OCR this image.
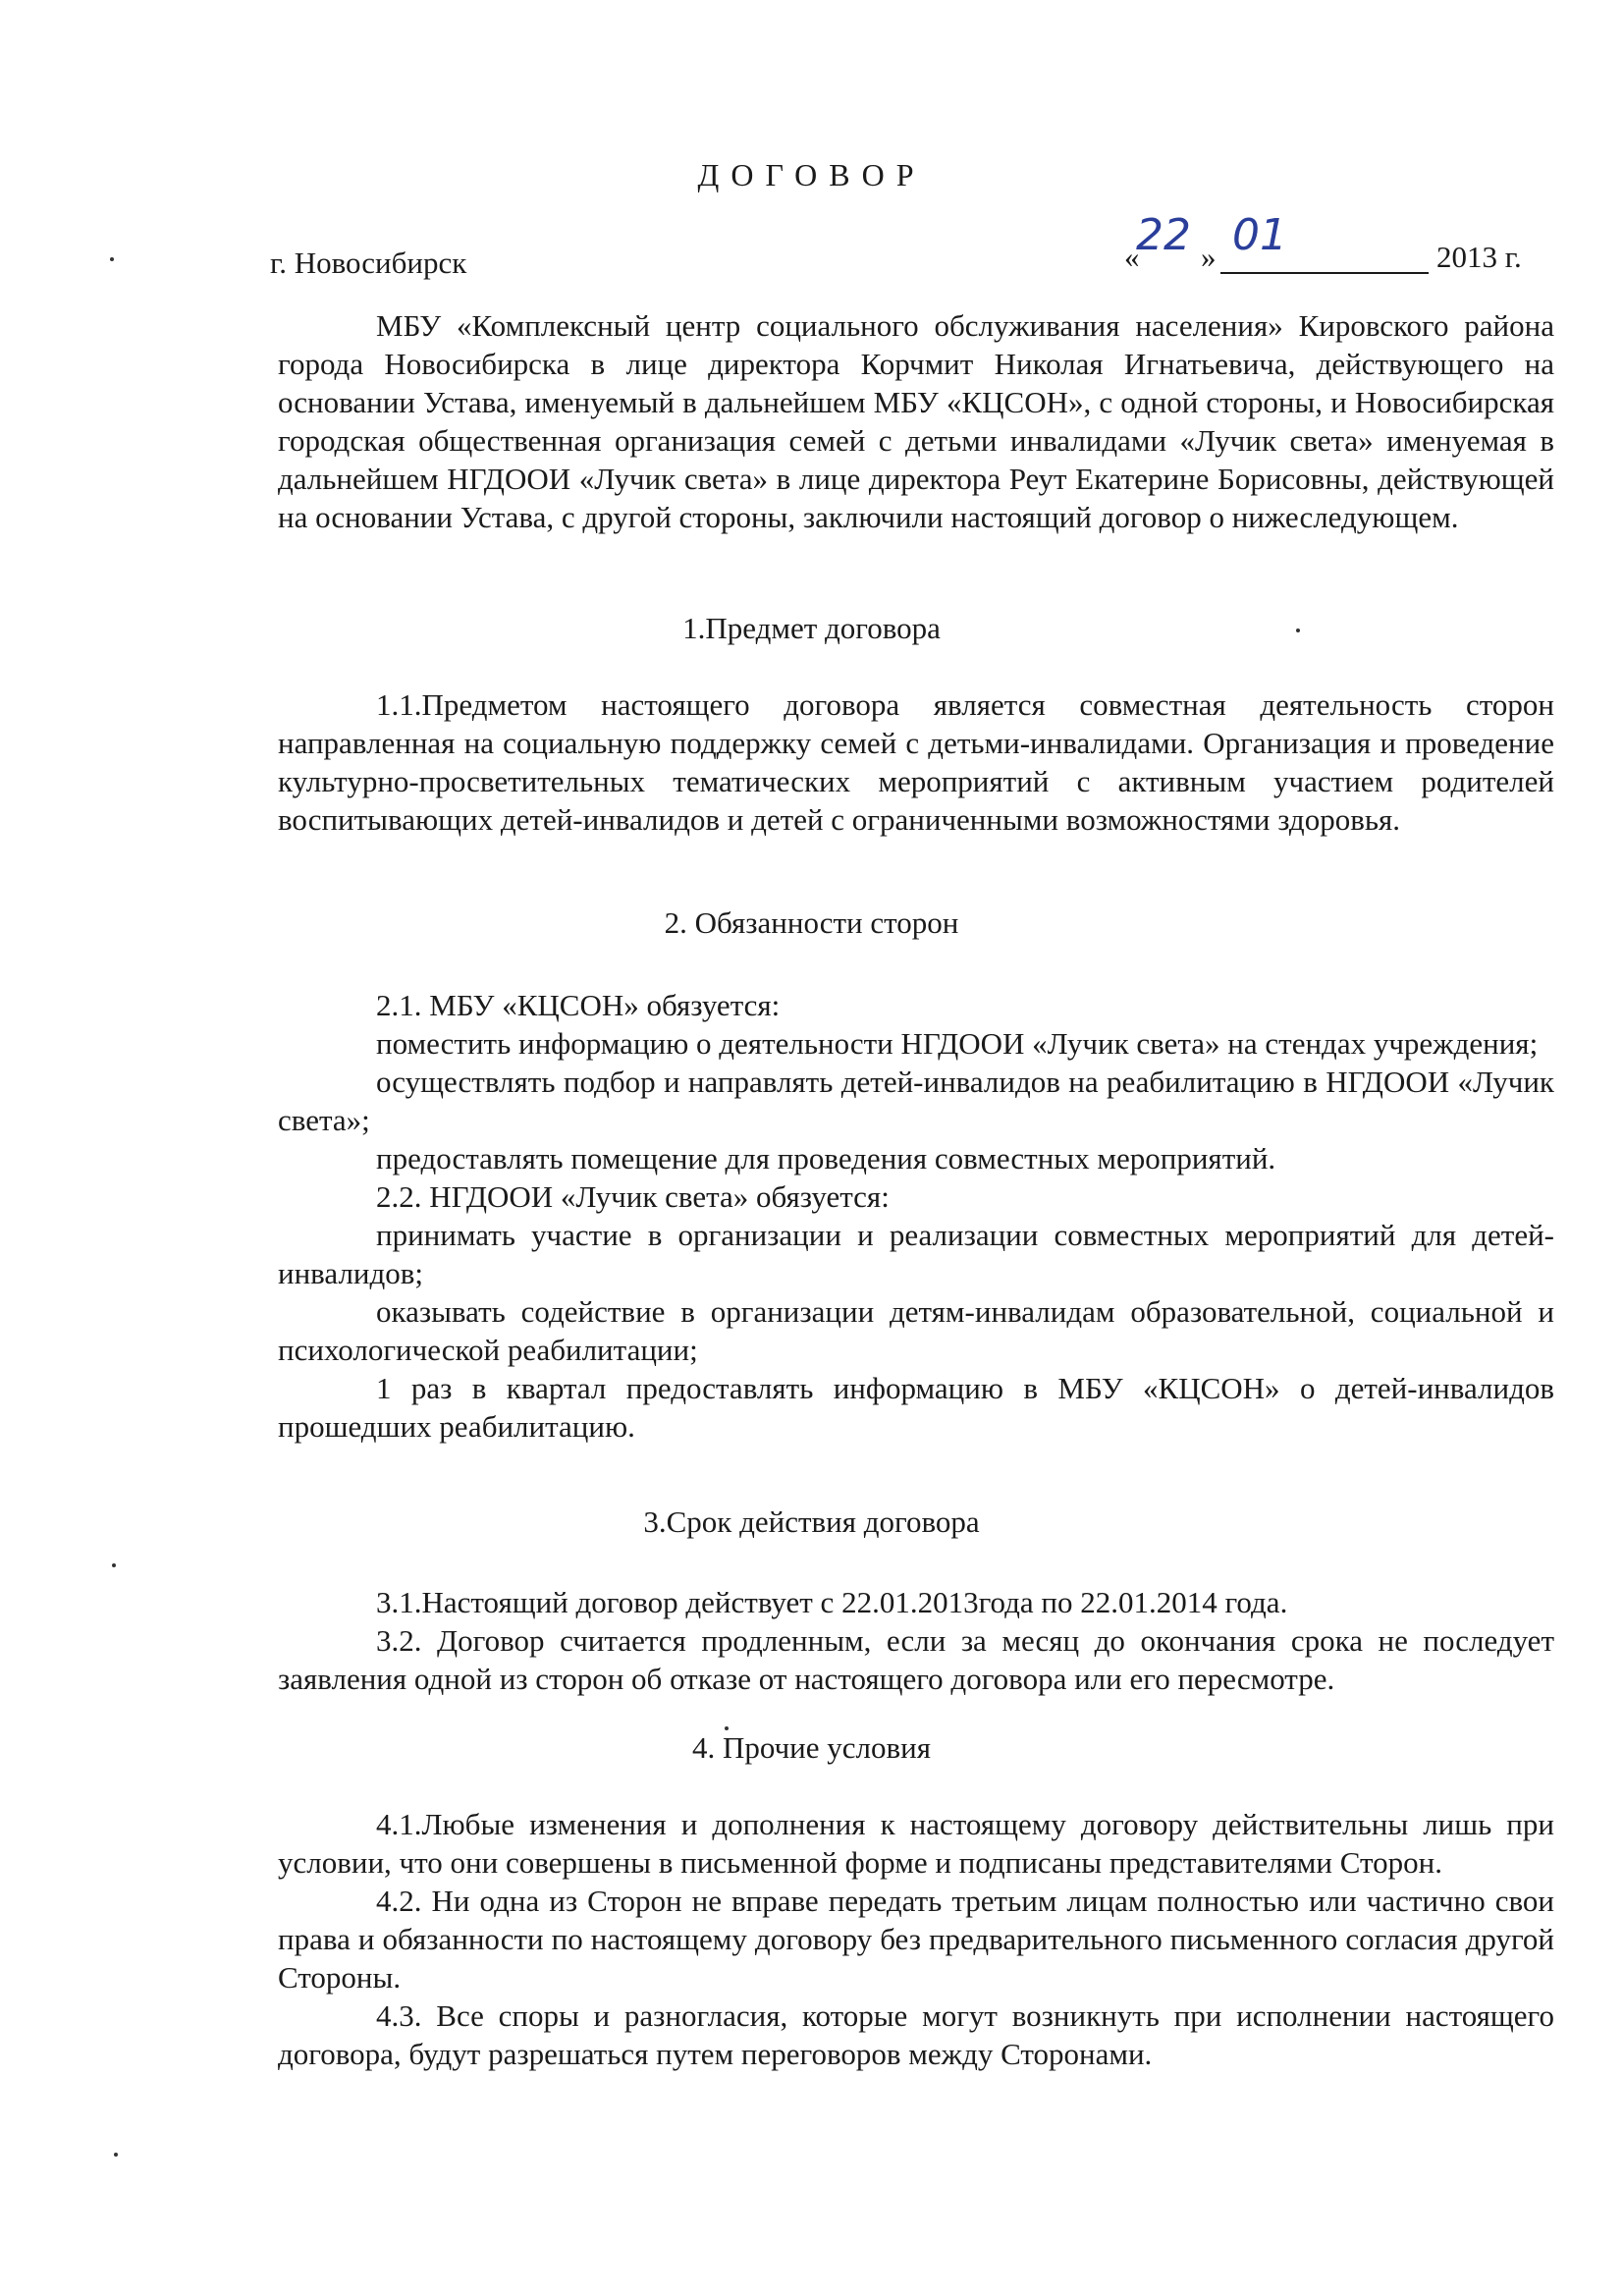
ДОГОВОР
г. Новосибирск	«
22 » 01	2013 г.

МБУ «Комплексный центр социального обслуживания населения» Кировского района города Новосибирска в лице директора Корчмит Николая Игнатьевича, действующего на основании Устава, именуемый в дальнейшем МБУ «КЦСОН», с одной стороны, и Новосибирская городская общественная организация семей с детьми инвалидами «Лучик света» именуемая в дальнейшем НГДООИ «Лучик света» в лице директора Реут Екатерине Борисовны, действующей на основании Устава, с другой стороны, заключили настоящий договор о нижеследующем.

1.Предмет договора

1.1.Предметом настоящего договора является совместная деятельность сторон направленная на социальную поддержку семей с детьми-инвалидами. Организация и проведение культурно-просветительных тематических мероприятий с активным участием родителей воспитывающих детей-инвалидов и детей с ограниченными возможностями здоровья.

2. Обязанности сторон

2.1. МБУ «КЦСОН» обязуется:

поместить информацию о деятельности НГДООИ «Лучик света» на стендах учреждения;

осуществлять подбор и направлять детей-инвалидов на реабилитацию в НГДООИ «Лучик света»;

предоставлять помещение для проведения совместных мероприятий.

2.2. НГДООИ «Лучик света» обязуется:

принимать участие в организации и реализации совместных мероприятий для детей-инвалидов;

оказывать содействие в организации детям-инвалидам образовательной, социальной и психологической реабилитации;

1 раз в квартал предоставлять информацию в МБУ «КЦСОН» о детей-инвалидов прошедших реабилитацию.

3.Срок действия договора

3.1.Настоящий договор действует с 22.01.2013года по 22.01.2014 года.

3.2. Договор считается продленным, если за месяц до окончания срока не последует заявления одной из сторон об отказе от настоящего договора или его пересмотре.

4. Прочие условия

4.1.Любые изменения и дополнения к настоящему договору действительны лишь при условии, что они совершены в письменной форме и подписаны представителями Сторон.

4.2. Ни одна из Сторон не вправе передать третьим лицам полностью или частично свои права и обязанности по настоящему договору без предварительного письменного согласия другой Стороны.

4.3. Все споры и разногласия, которые могут возникнуть при исполнении настоящего договора, будут разрешаться путем переговоров между Сторонами.
